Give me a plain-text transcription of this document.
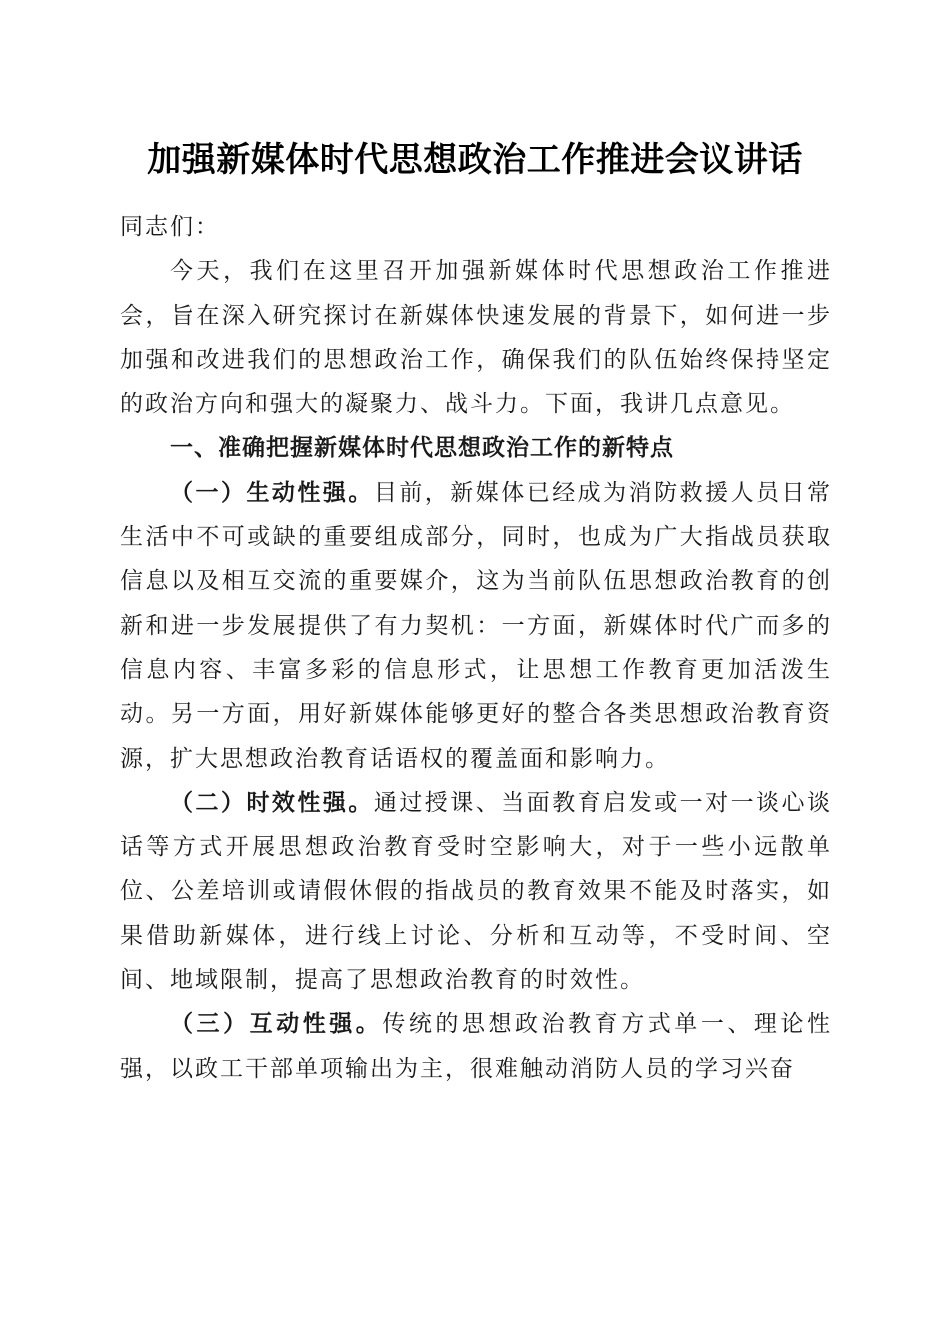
加强新媒体时代思想政治工作推进会议讲话

同志们：

今天，我们在这里召开加强新媒体时代思想政治工作推进会，旨在深入研究探讨在新媒体快速发展的背景下，如何进一步加强和改进我们的思想政治工作，确保我们的队伍始终保持坚定的政治方向和强大的凝聚力、战斗力。下面，我讲几点意见。

一、准确把握新媒体时代思想政治工作的新特点

（一）生动性强。目前，新媒体已经成为消防救援人员日常生活中不可或缺的重要组成部分，同时，也成为广大指战员获取信息以及相互交流的重要媒介，这为当前队伍思想政治教育的创新和进一步发展提供了有力契机：一方面，新媒体时代广而多的信息内容、丰富多彩的信息形式，让思想工作教育更加活泼生动。另一方面，用好新媒体能够更好的整合各类思想政治教育资源，扩大思想政治教育话语权的覆盖面和影响力。

（二）时效性强。通过授课、当面教育启发或一对一谈心谈话等方式开展思想政治教育受时空影响大，对于一些小远散单位、公差培训或请假休假的指战员的教育效果不能及时落实，如果借助新媒体，进行线上讨论、分析和互动等，不受时间、空间、地域限制，提高了思想政治教育的时效性。

（三）互动性强。传统的思想政治教育方式单一、理论性强，以政工干部单项输出为主，很难触动消防人员的学习兴奋
